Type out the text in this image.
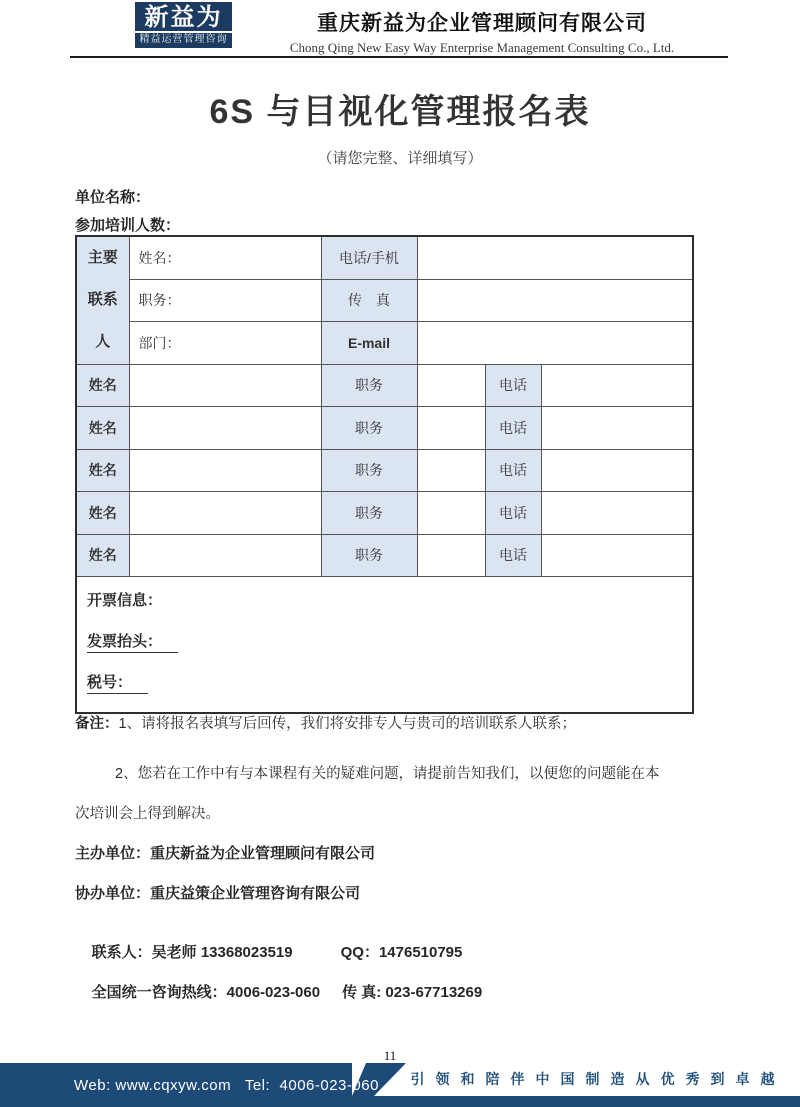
新益为
精益运营管理咨询
重庆新益为企业管理顾问有限公司
Chong Qing New Easy Way Enterprise Management Consulting Co., Ltd.
6S 与目视化管理报名表
（请您完整、详细填写）
单位名称：
参加培训人数：
主要
联系
人	姓名：	电话/手机			
	职务：	传　真			
	部门：	E-mail			
姓名		职务		电话	
姓名		职务		电话	
姓名		职务		电话	
姓名		职务		电话	
姓名		职务		电话	

开票信息：
发票抬头：
税号：					
备注：1、请将报名表填写后回传，我们将安排专人与贵司的培训联系人联系；
2、您若在工作中有与本课程有关的疑难问题，请提前告知我们，以便您的问题能在本
次培训会上得到解决。
主办单位：重庆新益为企业管理顾问有限公司
协办单位：重庆益策企业管理咨询有限公司

联系人：吴老师 13368023519	QQ：1476510795

全国统一咨询热线：4006-023-060 传 真: 023-67713269

11
Web: www.cqxyw.com   Tel:  4006-023-060	引领和陪伴中国制造从优秀到卓越
